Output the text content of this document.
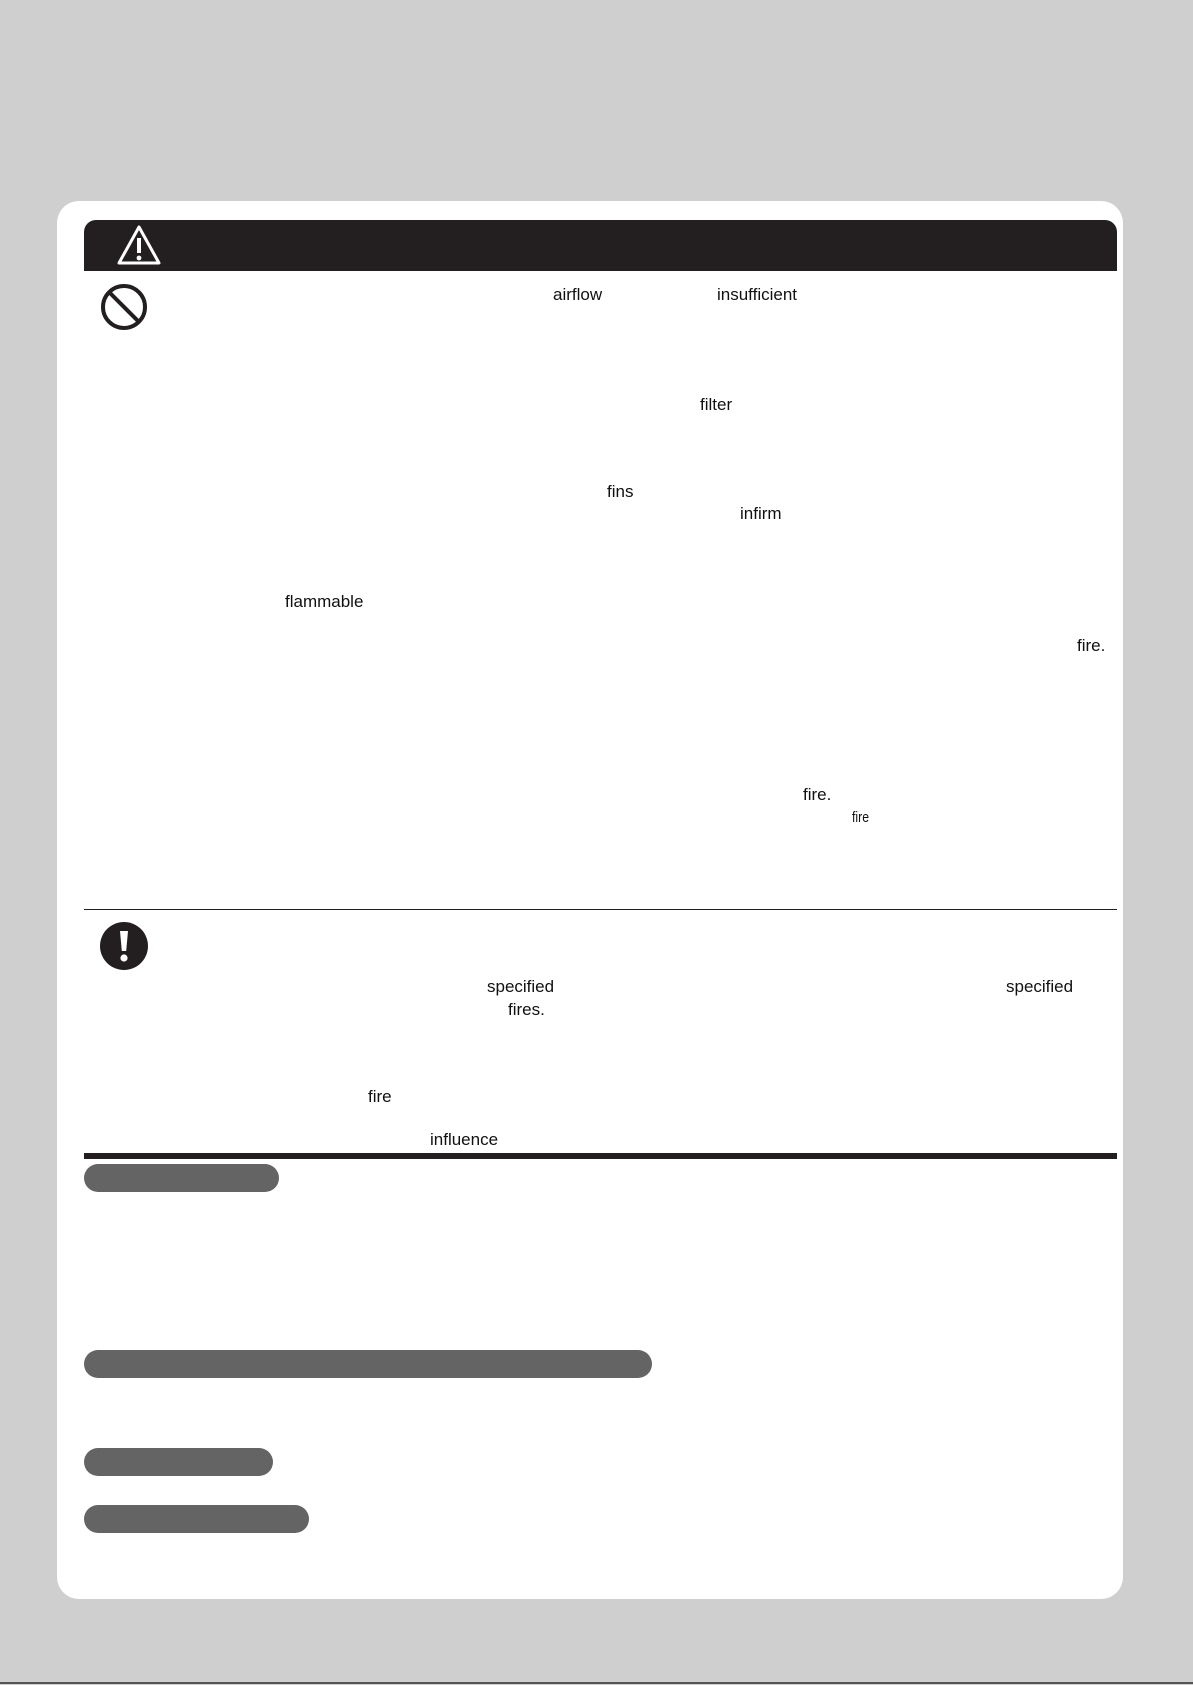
airflow	insufficient
filter
fins
infirm
flammable
fire.
fire.
fire
specified	specified
fires.
fire
influence
